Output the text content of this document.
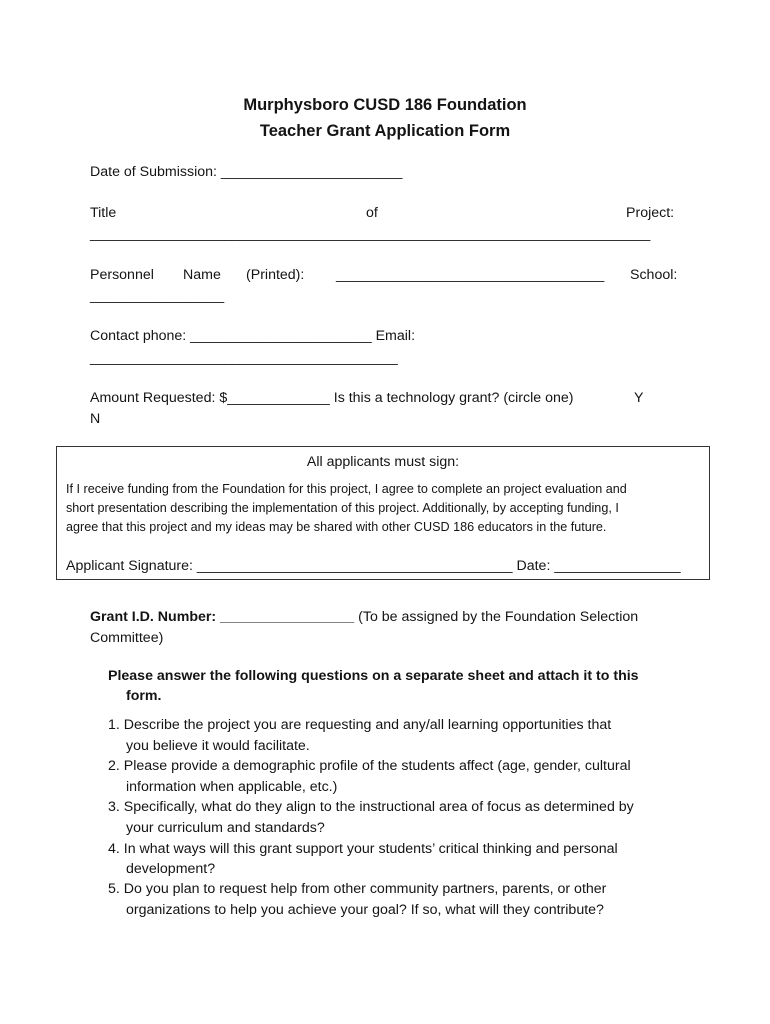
Murphysboro CUSD 186 Foundation
Teacher Grant Application Form
Date of Submission: _______________________
Title	of	Project:
_______________________________________________________________________
Personnel Name (Printed): __________________________________ School:
_________________
Contact phone: _______________________ Email:
_______________________________________
Amount Requested: $_____________ Is this a technology grant? (circle one)	Y
N
All applicants must sign:
If I receive funding from the Foundation for this project, I agree to complete an project evaluation and
short presentation describing the implementation of this project. Additionally, by accepting funding, I
agree that this project and my ideas may be shared with other CUSD 186 educators in the future.
Applicant Signature: ________________________________________ Date: ________________
Grant I.D. Number: _________________ (To be assigned by the Foundation Selection
Committee)
Please answer the following questions on a separate sheet and attach it to this
form.
1. Describe the project you are requesting and any/all learning opportunities that
you believe it would facilitate.
2. Please provide a demographic profile of the students affect (age, gender, cultural
information when applicable, etc.)
3. Specifically, what do they align to the instructional area of focus as determined by
your curriculum and standards?
4. In what ways will this grant support your students’ critical thinking and personal
development?
5. Do you plan to request help from other community partners, parents, or other
organizations to help you achieve your goal? If so, what will they contribute?
